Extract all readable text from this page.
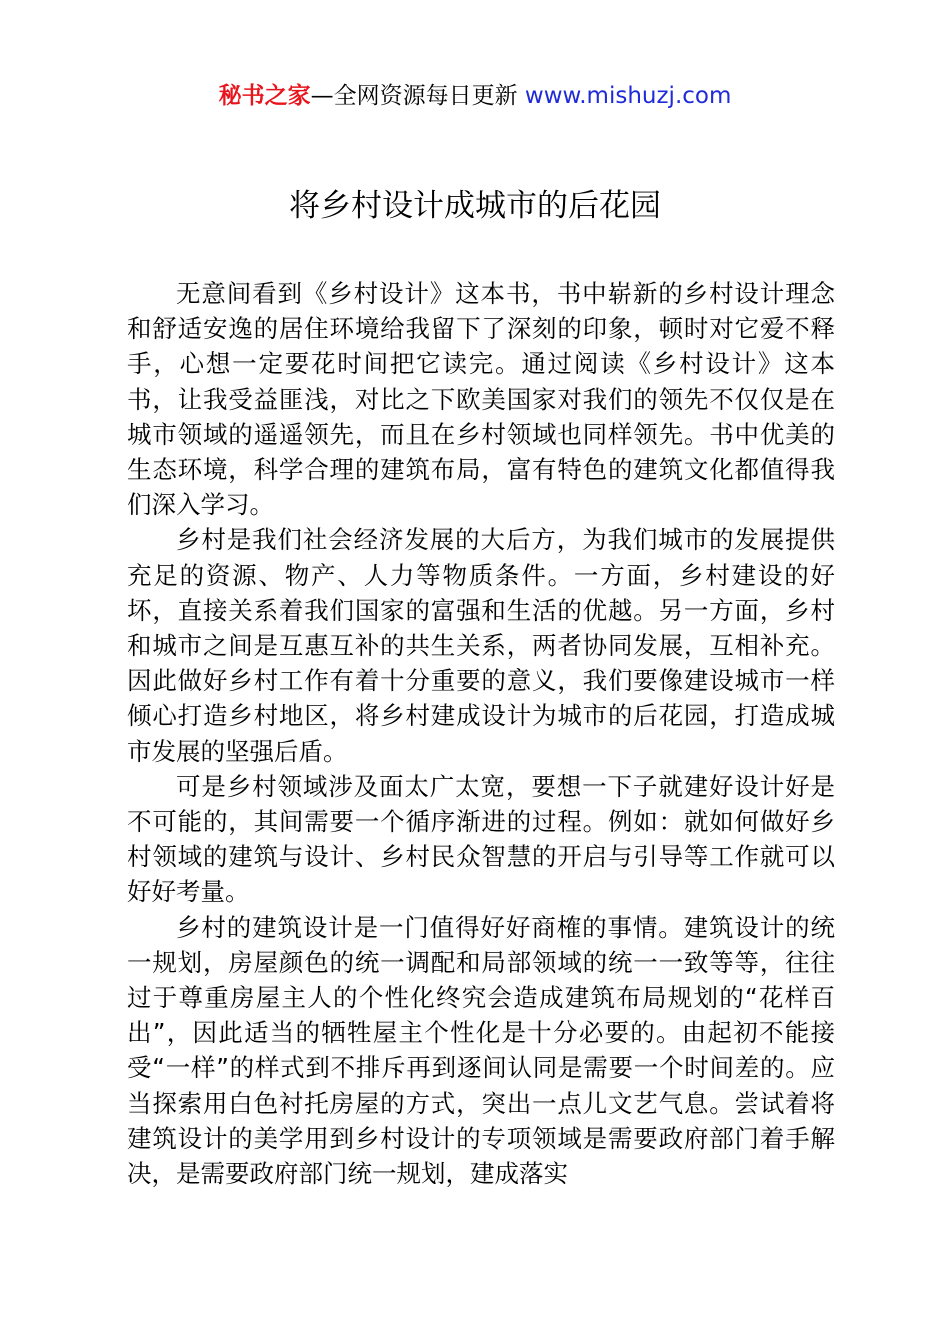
秘书之家—全网资源每日更新 www.mishuzj.com
将乡村设计成城市的后花园

无意间看到《乡村设计》这本书，书中崭新的乡村设计理念和舒适安逸的居住环境给我留下了深刻的印象，顿时对它爱不释手，心想一定要花时间把它读完。通过阅读《乡村设计》这本书，让我受益匪浅，对比之下欧美国家对我们的领先不仅仅是在城市领域的遥遥领先，而且在乡村领域也同样领先。书中优美的生态环境，科学合理的建筑布局，富有特色的建筑文化都值得我们深入学习。

乡村是我们社会经济发展的大后方，为我们城市的发展提供充足的资源、物产、人力等物质条件。一方面，乡村建设的好坏，直接关系着我们国家的富强和生活的优越。另一方面，乡村和城市之间是互惠互补的共生关系，两者协同发展，互相补充。因此做好乡村工作有着十分重要的意义，我们要像建设城市一样倾心打造乡村地区，将乡村建成设计为城市的后花园，打造成城市发展的坚强后盾。

可是乡村领域涉及面太广太宽，要想一下子就建好设计好是不可能的，其间需要一个循序渐进的过程。例如：就如何做好乡村领域的建筑与设计、乡村民众智慧的开启与引导等工作就可以好好考量。

乡村的建筑设计是一门值得好好商榷的事情。建筑设计的统一规划，房屋颜色的统一调配和局部领域的统一一致等等，往往过于尊重房屋主人的个性化终究会造成建筑布局规划的“花样百出”，因此适当的牺牲屋主个性化是十分必要的。由起初不能接受“一样”的样式到不排斥再到逐间认同是需要一个时间差的。应当探索用白色衬托房屋的方式，突出一点儿文艺气息。尝试着将建筑设计的美学用到乡村设计的专项领域是需要政府部门着手解决，是需要政府部门统一规划，建成落实
